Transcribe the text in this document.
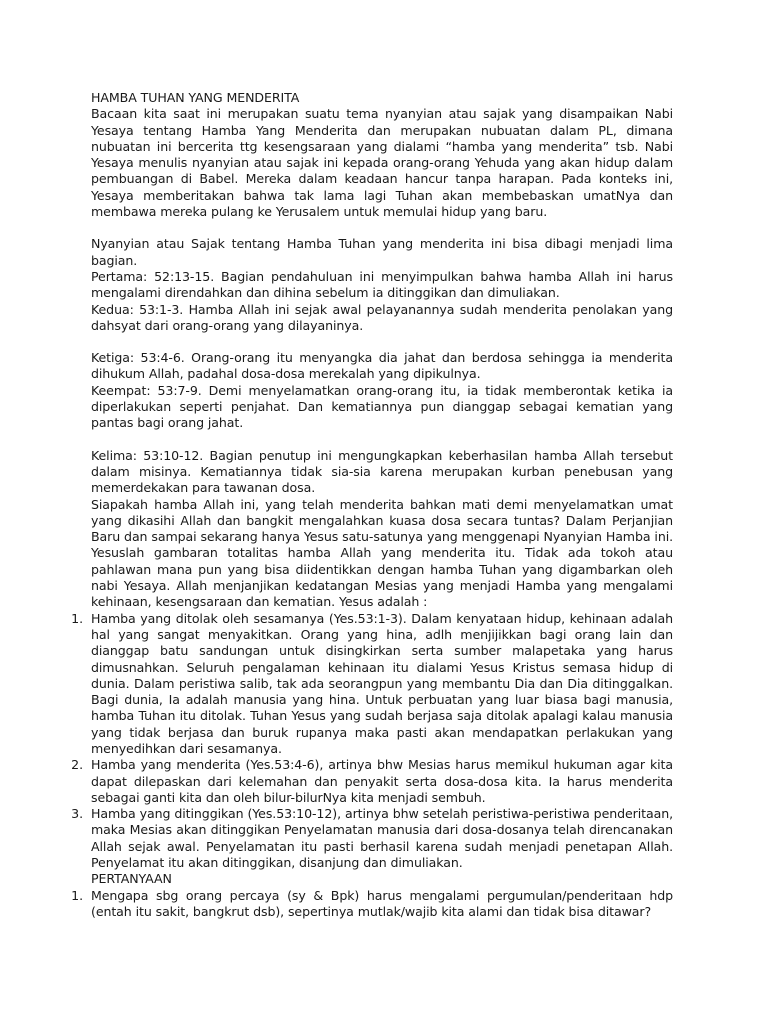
HAMBA TUHAN YANG MENDERITA

Bacaan kita saat ini merupakan suatu tema nyanyian atau sajak yang disampaikan Nabi Yesaya tentang Hamba Yang Menderita dan merupakan nubuatan dalam PL, dimana nubuatan ini bercerita ttg kesengsaraan yang dialami “hamba yang menderita” tsb. Nabi Yesaya menulis nyanyian atau sajak ini kepada orang-orang Yehuda yang akan hidup dalam pembuangan di Babel. Mereka dalam keadaan hancur tanpa harapan. Pada konteks ini, Yesaya memberitakan bahwa tak lama lagi Tuhan akan membebaskan umatNya dan membawa mereka pulang ke Yerusalem untuk memulai hidup yang baru.

Nyanyian atau Sajak tentang Hamba Tuhan yang menderita ini bisa dibagi menjadi lima bagian.

Pertama: 52:13-15. Bagian pendahuluan ini menyimpulkan bahwa hamba Allah ini harus mengalami direndahkan dan dihina sebelum ia ditinggikan dan dimuliakan.

Kedua: 53:1-3. Hamba Allah ini sejak awal pelayanannya sudah menderita penolakan yang dahsyat dari orang-orang yang dilayaninya.

Ketiga: 53:4-6. Orang-orang itu menyangka dia jahat dan berdosa sehingga ia menderita dihukum Allah, padahal dosa-dosa merekalah yang dipikulnya.

Keempat: 53:7-9. Demi menyelamatkan orang-orang itu, ia tidak memberontak ketika ia diperlakukan seperti penjahat. Dan kematiannya pun dianggap sebagai kematian yang pantas bagi orang jahat.

Kelima: 53:10-12. Bagian penutup ini mengungkapkan keberhasilan hamba Allah tersebut dalam misinya. Kematiannya tidak sia-sia karena merupakan kurban penebusan yang memerdekakan para tawanan dosa.

Siapakah hamba Allah ini, yang telah menderita bahkan mati demi menyelamatkan umat yang dikasihi Allah dan bangkit mengalahkan kuasa dosa secara tuntas? Dalam Perjanjian Baru dan sampai sekarang hanya Yesus satu-satunya yang menggenapi Nyanyian Hamba ini. Yesuslah gambaran totalitas hamba Allah yang menderita itu. Tidak ada tokoh atau pahlawan mana pun yang bisa diidentikkan dengan hamba Tuhan yang digambarkan oleh nabi Yesaya. Allah menjanjikan kedatangan Mesias yang menjadi Hamba yang mengalami kehinaan, kesengsaraan dan kematian. Yesus adalah :

1. Hamba yang ditolak oleh sesamanya (Yes.53:1-3). Dalam kenyataan hidup, kehinaan adalah hal yang sangat menyakitkan. Orang yang hina, adlh menjijikkan bagi orang lain dan dianggap batu sandungan untuk disingkirkan serta sumber malapetaka yang harus dimusnahkan. Seluruh pengalaman kehinaan itu dialami Yesus Kristus semasa hidup di dunia. Dalam peristiwa salib, tak ada seorangpun yang membantu Dia dan Dia ditinggalkan. Bagi dunia, Ia adalah manusia yang hina. Untuk perbuatan yang luar biasa bagi manusia, hamba Tuhan itu ditolak. Tuhan Yesus yang sudah berjasa saja ditolak apalagi kalau manusia yang tidak berjasa dan buruk rupanya maka pasti akan mendapatkan perlakukan yang menyedihkan dari sesamanya.
2. Hamba yang menderita (Yes.53:4-6), artinya bhw Mesias harus memikul hukuman agar kita dapat dilepaskan dari kelemahan dan penyakit serta dosa-dosa kita. Ia harus menderita sebagai ganti kita dan oleh bilur-bilurNya kita menjadi sembuh.
3. Hamba yang ditinggikan (Yes.53:10-12), artinya bhw setelah peristiwa-peristiwa penderitaan, maka Mesias akan ditinggikan Penyelamatan manusia dari dosa-dosanya telah direncanakan Allah sejak awal. Penyelamatan itu pasti berhasil karena sudah menjadi penetapan Allah. Penyelamat itu akan ditinggikan, disanjung dan dimuliakan.

PERTANYAAN

1. Mengapa sbg orang percaya (sy & Bpk) harus mengalami pergumulan/penderitaan hdp (entah itu sakit, bangkrut dsb), sepertinya mutlak/wajib kita alami dan tidak bisa ditawar?
